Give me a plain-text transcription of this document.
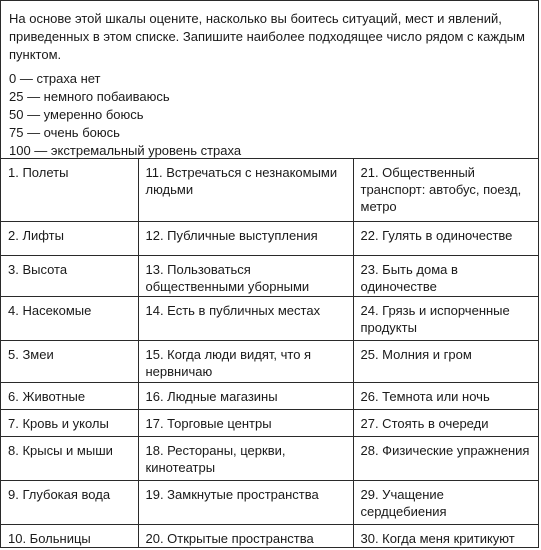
На основе этой шкалы оцените, насколько вы боитесь ситуаций, мест и явлений, приведенных в этом списке. Запишите наиболее подходящее число рядом с каждым пунктом.

0 — страха нет
25 — немного побаиваюсь
50 — умеренно боюсь
75 — очень боюсь
100 — экстремальный уровень страха
1. Полеты	11. Встречаться с незнакомыми людьми	21. Общественный транспорт: автобус, поезд, метро
2. Лифты	12. Публичные выступления	22. Гулять в одиночестве
3. Высота	13. Пользоваться общественными уборными	23. Быть дома в одиночестве
4. Насекомые	14. Есть в публичных местах	24. Грязь и испорченные продукты
5. Змеи	15. Когда люди видят, что я нервничаю	25. Молния и гром
6. Животные	16. Людные магазины	26. Темнота или ночь
7. Кровь и уколы	17. Торговые центры	27. Стоять в очереди
8. Крысы и мыши	18. Рестораны, церкви, кинотеатры	28. Физические упражнения
9. Глубокая вода	19. Замкнутые пространства	29. Учащение сердцебиения
10. Больницы	20. Открытые пространства	30. Когда меня критикуют
